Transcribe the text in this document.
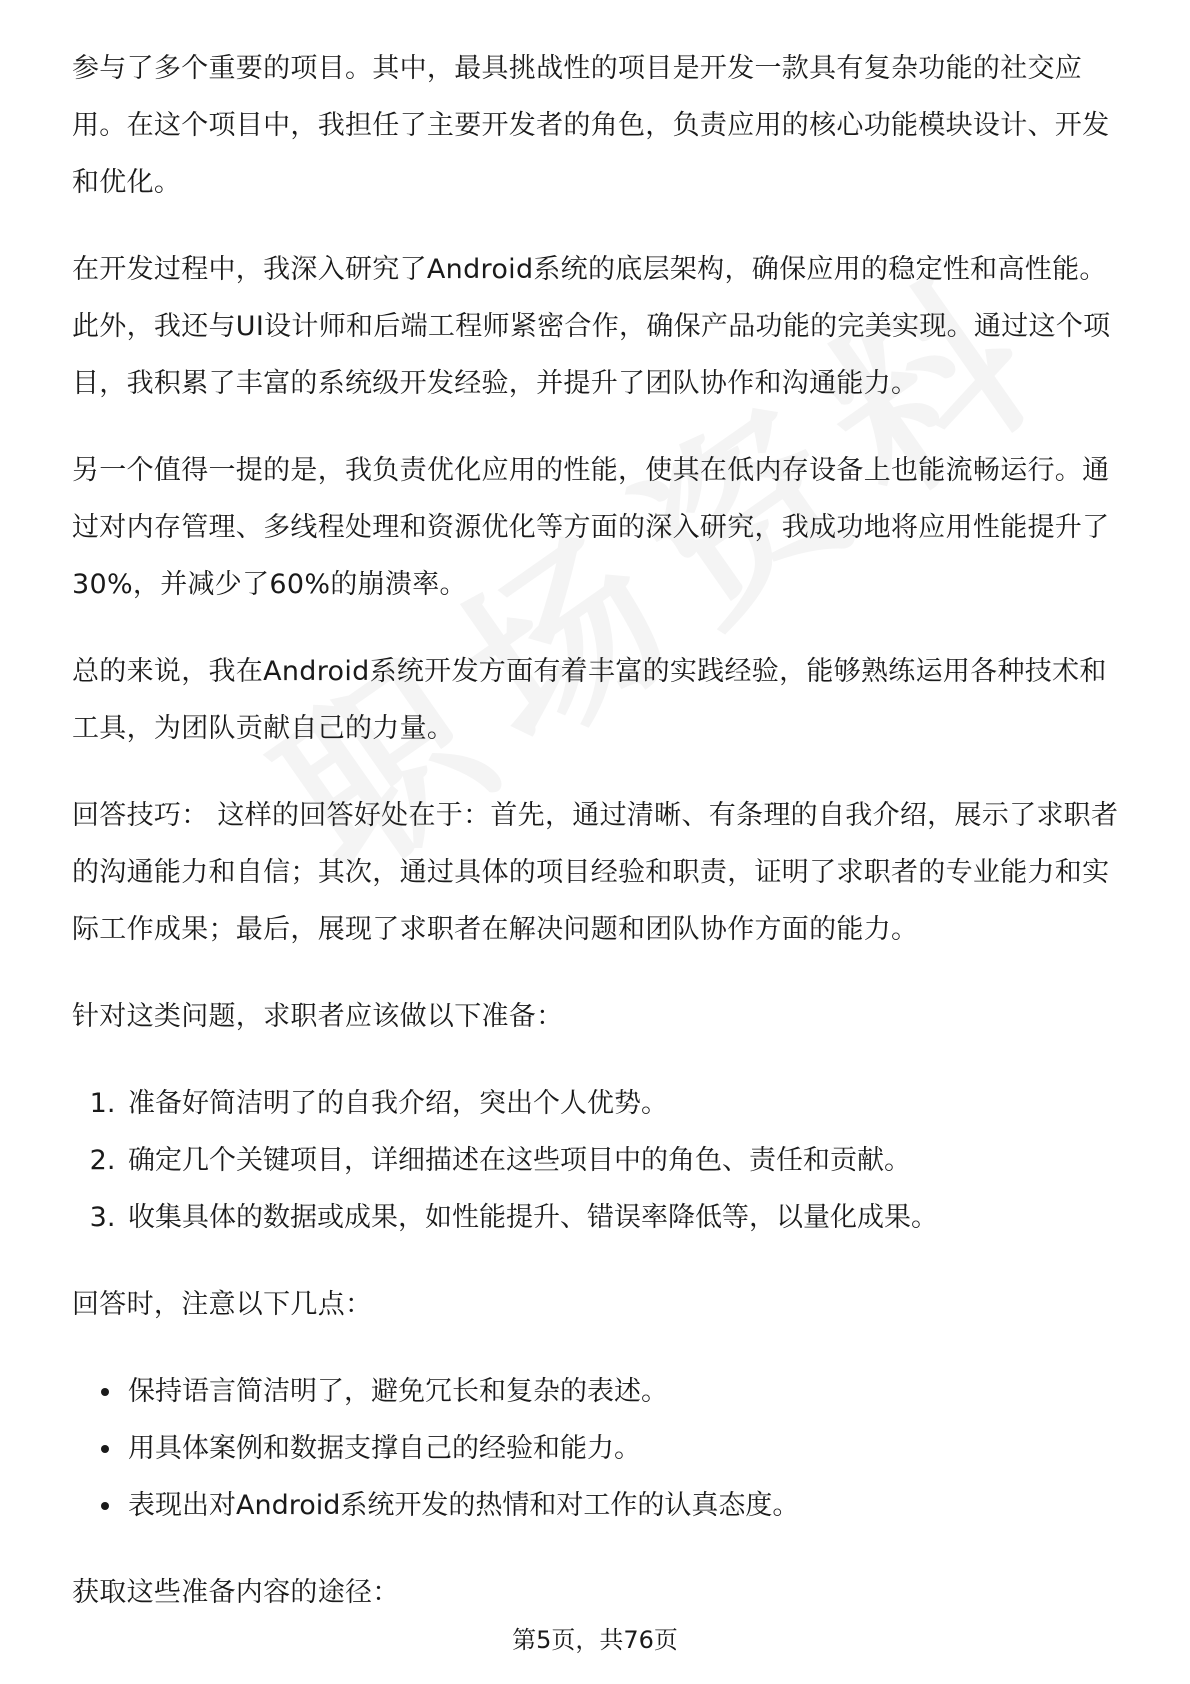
参与了多个重要的项目。其中，最具挑战性的项目是开发一款具有复杂功能的社交应用。在这个项目中，我担任了主要开发者的角色，负责应用的核心功能模块设计、开发和优化。

在开发过程中，我深入研究了Android系统的底层架构，确保应用的稳定性和高性能。此外，我还与UI设计师和后端工程师紧密合作，确保产品功能的完美实现。通过这个项目，我积累了丰富的系统级开发经验，并提升了团队协作和沟通能力。

另一个值得一提的是，我负责优化应用的性能，使其在低内存设备上也能流畅运行。通过对内存管理、多线程处理和资源优化等方面的深入研究，我成功地将应用性能提升了30%，并减少了60%的崩溃率。

总的来说，我在Android系统开发方面有着丰富的实践经验，能够熟练运用各种技术和工具，为团队贡献自己的力量。

回答技巧： 这样的回答好处在于：首先，通过清晰、有条理的自我介绍，展示了求职者的沟通能力和自信；其次，通过具体的项目经验和职责，证明了求职者的专业能力和实际工作成果；最后，展现了求职者在解决问题和团队协作方面的能力。

针对这类问题，求职者应该做以下准备：

1. 准备好简洁明了的自我介绍，突出个人优势。
2. 确定几个关键项目，详细描述在这些项目中的角色、责任和贡献。
3. 收集具体的数据或成果，如性能提升、错误率降低等，以量化成果。

回答时，注意以下几点：

• 保持语言简洁明了，避免冗长和复杂的表述。
• 用具体案例和数据支撑自己的经验和能力。
• 表现出对Android系统开发的热情和对工作的认真态度。

获取这些准备内容的途径：

第5页，共76页
